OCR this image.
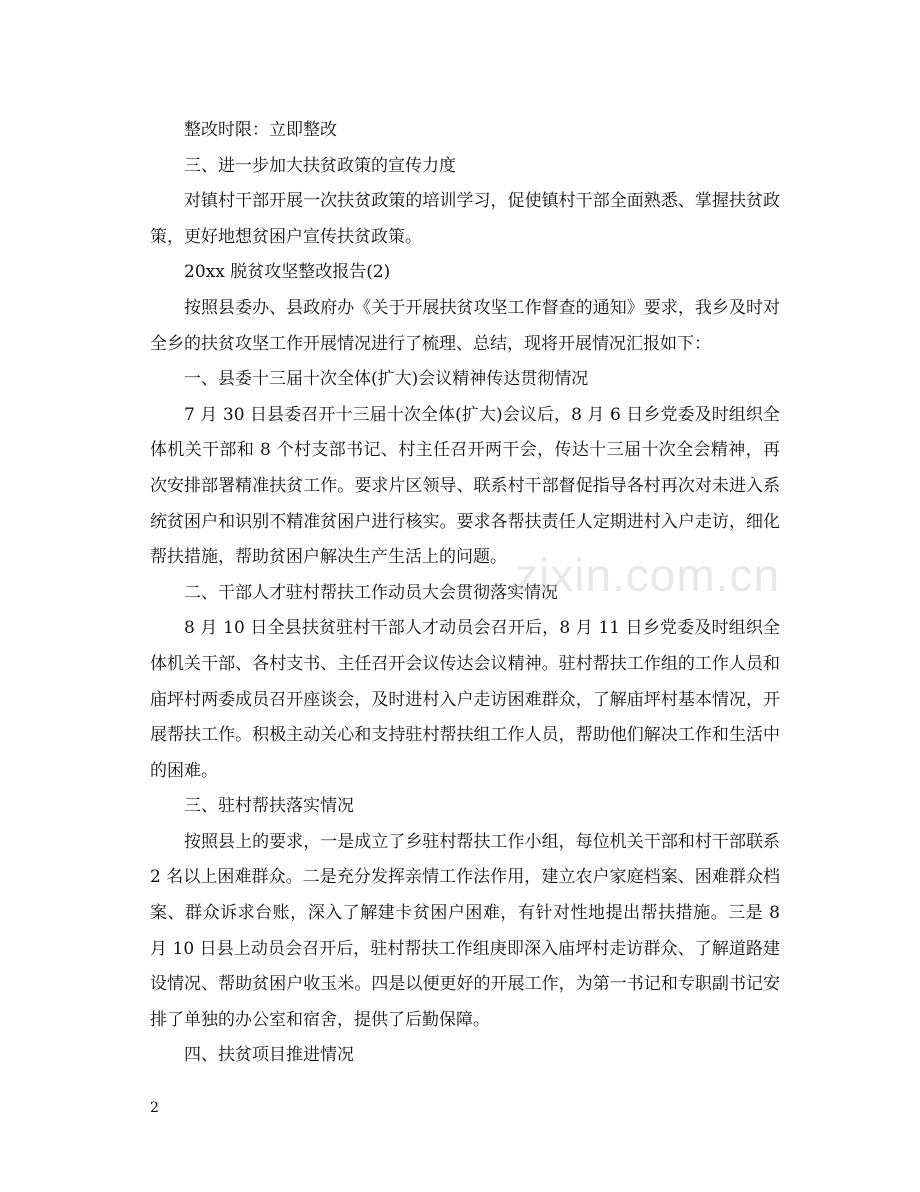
整改时限：立即整改

三、进一步加大扶贫政策的宣传力度

对镇村干部开展一次扶贫政策的培训学习，促使镇村干部全面熟悉、掌握扶贫政策，更好地想贫困户宣传扶贫政策。

20xx 脱贫攻坚整改报告(2)

按照县委办、县政府办《关于开展扶贫攻坚工作督查的通知》要求，我乡及时对全乡的扶贫攻坚工作开展情况进行了梳理、总结，现将开展情况汇报如下：

一、县委十三届十次全体(扩大)会议精神传达贯彻情况

7 月 30 日县委召开十三届十次全体(扩大)会议后，8 月 6 日乡党委及时组织全体机关干部和 8 个村支部书记、村主任召开两干会，传达十三届十次全会精神，再次安排部署精准扶贫工作。要求片区领导、联系村干部督促指导各村再次对未进入系统贫困户和识别不精准贫困户进行核实。要求各帮扶责任人定期进村入户走访，细化帮扶措施，帮助贫困户解决生产生活上的问题。

二、干部人才驻村帮扶工作动员大会贯彻落实情况

8 月 10 日全县扶贫驻村干部人才动员会召开后，8 月 11 日乡党委及时组织全体机关干部、各村支书、主任召开会议传达会议精神。驻村帮扶工作组的工作人员和庙坪村两委成员召开座谈会，及时进村入户走访困难群众，了解庙坪村基本情况，开展帮扶工作。积极主动关心和支持驻村帮扶组工作人员，帮助他们解决工作和生活中的困难。

三、驻村帮扶落实情况

按照县上的要求，一是成立了乡驻村帮扶工作小组，每位机关干部和村干部联系 2 名以上困难群众。二是充分发挥亲情工作法作用，建立农户家庭档案、困难群众档案、群众诉求台账，深入了解建卡贫困户困难，有针对性地提出帮扶措施。三是 8 月 10 日县上动员会召开后，驻村帮扶工作组庚即深入庙坪村走访群众、了解道路建设情况、帮助贫困户收玉米。四是以便更好的开展工作，为第一书记和专职副书记安排了单独的办公室和宿舍，提供了后勤保障。

四、扶贫项目推进情况

zixin.com.cn
2
